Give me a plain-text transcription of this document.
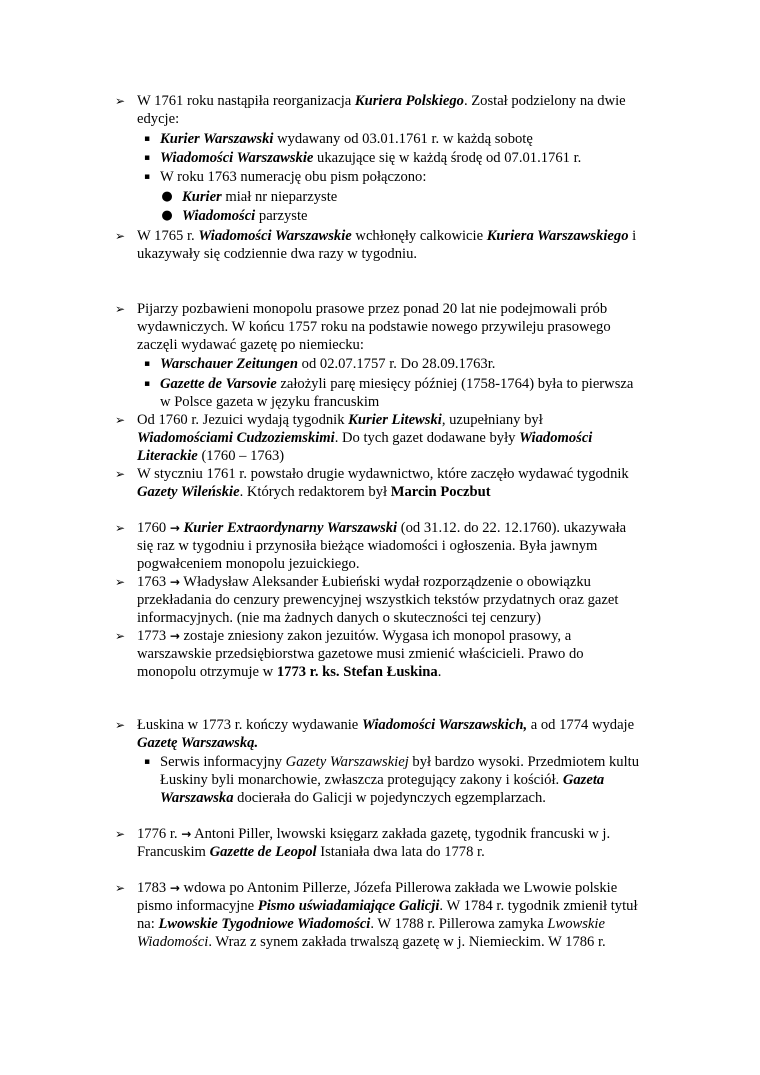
➢ W 1761 roku nastąpiła reorganizacja Kuriera Polskiego. Został podzielony na dwie
edycje:
▪ Kurier Warszawski wydawany od 03.01.1761 r. w każdą sobotę
▪ Wiadomości Warszawskie ukazujące się w każdą środę od 07.01.1761 r.
▪ W roku 1763 numerację obu pism połączono:
● Kurier miał nr nieparzyste
● Wiadomości parzyste
➢ W 1765 r. Wiadomości Warszawskie wchłonęły calkowicie Kuriera Warszawskiego i
ukazywały się codziennie dwa razy w tygodniu.
➢ Pijarzy pozbawieni monopolu prasowe przez ponad 20 lat nie podejmowali prób
wydawniczych. W końcu 1757 roku na podstawie nowego przywileju prasowego
zaczęli wydawać gazetę po niemiecku:
▪ Warschauer Zeitungen od 02.07.1757 r. Do 28.09.1763r.
▪ Gazette de Varsovie założyli parę miesięcy później (1758-1764) była to pierwsza
w Polsce gazeta w języku francuskim
➢ Od 1760 r. Jezuici wydają tygodnik Kurier Litewski, uzupełniany był
Wiadomościami Cudzoziemskimi. Do tych gazet dodawane były Wiadomości
Literackie (1760 – 1763)
➢ W styczniu 1761 r. powstało drugie wydawnictwo, które zaczęło wydawać tygodnik
Gazety Wileńskie. Których redaktorem był Marcin Poczbut
➢ 1760 → Kurier Extraordynarny Warszawski (od 31.12. do 22. 12.1760). ukazywała
się raz w tygodniu i przynosiła bieżące wiadomości i ogłoszenia. Była jawnym
pogwałceniem monopolu jezuickiego.
➢ 1763 → Władysław Aleksander Łubieński wydał rozporządzenie o obowiązku
przekładania do cenzury prewencyjnej wszystkich tekstów przydatnych oraz gazet
informacyjnych. (nie ma żadnych danych o skuteczności tej cenzury)
➢ 1773 → zostaje zniesiony zakon jezuitów. Wygasa ich monopol prasowy, a
warszawskie przedsiębiorstwa gazetowe musi zmienić właścicieli. Prawo do
monopolu otrzymuje w 1773 r. ks. Stefan Łuskina.
➢ Łuskina w 1773 r. kończy wydawanie Wiadomości Warszawskich, a od 1774 wydaje
Gazetę Warszawską.
▪ Serwis informacyjny Gazety Warszawskiej był bardzo wysoki. Przedmiotem kultu
Łuskiny byli monarchowie, zwłaszcza protegujący zakony i kościół. Gazeta
Warszawska docierała do Galicji w pojedynczych egzemplarzach.
➢ 1776 r. → Antoni Piller, lwowski księgarz zakłada gazetę, tygodnik francuski w j.
Francuskim Gazette de Leopol Istaniała dwa lata do 1778 r.
➢ 1783 → wdowa po Antonim Pillerze, Józefa Pillerowa zakłada we Lwowie polskie
pismo informacyjne Pismo uświadamiające Galicji. W 1784 r. tygodnik zmienił tytuł
na: Lwowskie Tygodniowe Wiadomości. W 1788 r. Pillerowa zamyka Lwowskie
Wiadomości. Wraz z synem zakłada trwalszą gazetę w j. Niemieckim. W 1786 r.
